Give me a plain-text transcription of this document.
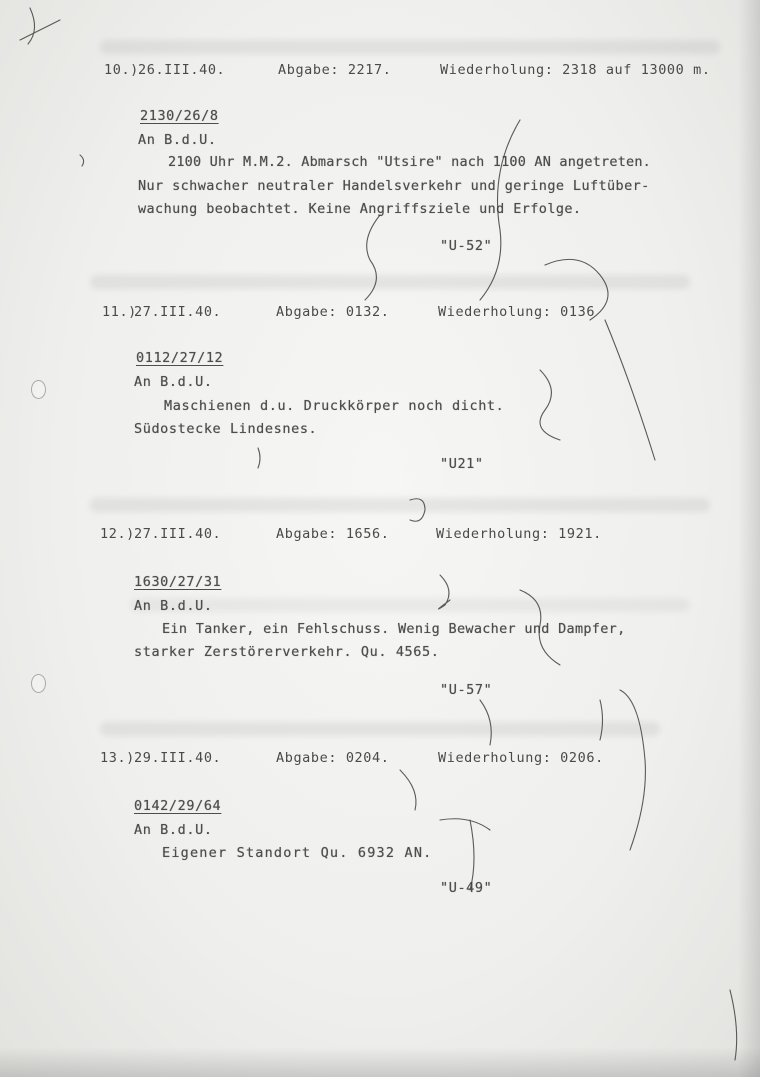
10.) 26.III.40.	Abgabe: 2217.	Wiederholung: 2318 auf 13000 m.
2130/26/8
An B.d.U.
2100 Uhr M.M.2. Abmarsch "Utsire" nach 1100 AN angetreten.
Nur schwacher neutraler Handelsverkehr und geringe Luftüber-
wachung beobachtet. Keine Angriffsziele und Erfolge.
"U-52"
11.)
27.III.40.	Abgabe: 0132.	Wiederholung: 0136
0112/27/12
An B.d.U.
Maschienen d.u. Druckkörper noch dicht.
Südostecke Lindesnes.
"U21"
12.) 27.III.40.	Abgabe: 1656.	Wiederholung: 1921.
1630/27/31
An B.d.U.
Ein Tanker, ein Fehlschuss. Wenig Bewacher und Dampfer,
starker Zerstörerverkehr. Qu. 4565.
"U-57"
13.) 29.III.40.	Abgabe: 0204.	Wiederholung: 0206.
0142/29/64
An B.d.U.
Eigener Standort Qu. 6932 AN.
"U-49"
